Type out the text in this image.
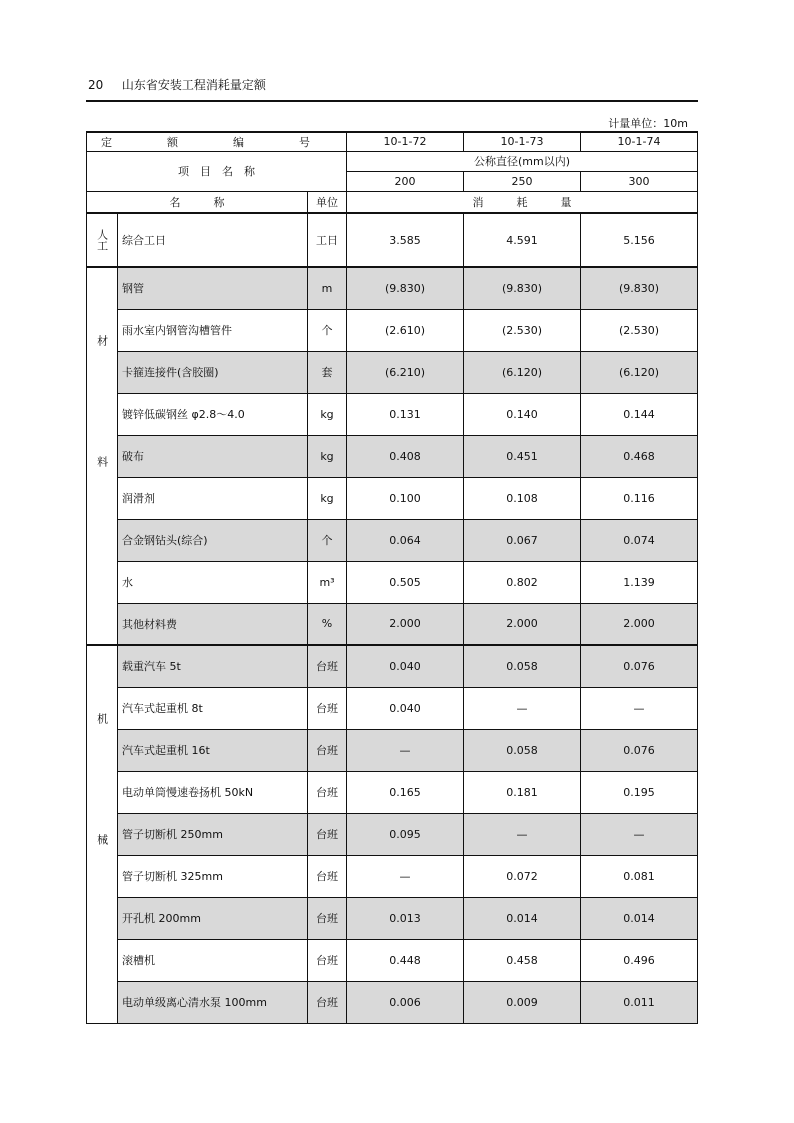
20 山东省安装工程消耗量定额
计量单位：10m
定　额　编　号			10-1-72	10-1-73	10-1-74
项　目　名　称			公称直径(mm以内)		
			200	250	300
名　　　称		单位	消　　　耗　　　量		
人工	综合工日	工日	3.585	4.591	5.156
材料	钢管	m	(9.830)	(9.830)	(9.830)
	雨水室内钢管沟槽管件	个	(2.610)	(2.530)	(2.530)
	卡箍连接件(含胶圈)	套	(6.210)	(6.120)	(6.120)
	镀锌低碳钢丝 φ2.8～4.0	kg	0.131	0.140	0.144
	破布	kg	0.408	0.451	0.468
	润滑剂	kg	0.100	0.108	0.116
	合金钢钻头(综合)	个	0.064	0.067	0.074
	水	m³	0.505	0.802	1.139
	其他材料费	%	2.000	2.000	2.000
机械	载重汽车 5t	台班	0.040	0.058	0.076
	汽车式起重机 8t	台班	0.040	—	—
	汽车式起重机 16t	台班	—	0.058	0.076
	电动单筒慢速卷扬机 50kN	台班	0.165	0.181	0.195
	管子切断机 250mm	台班	0.095	—	—
	管子切断机 325mm	台班	—	0.072	0.081
	开孔机 200mm	台班	0.013	0.014	0.014
	滚槽机	台班	0.448	0.458	0.496
	电动单级离心清水泵 100mm	台班	0.006	0.009	0.011
